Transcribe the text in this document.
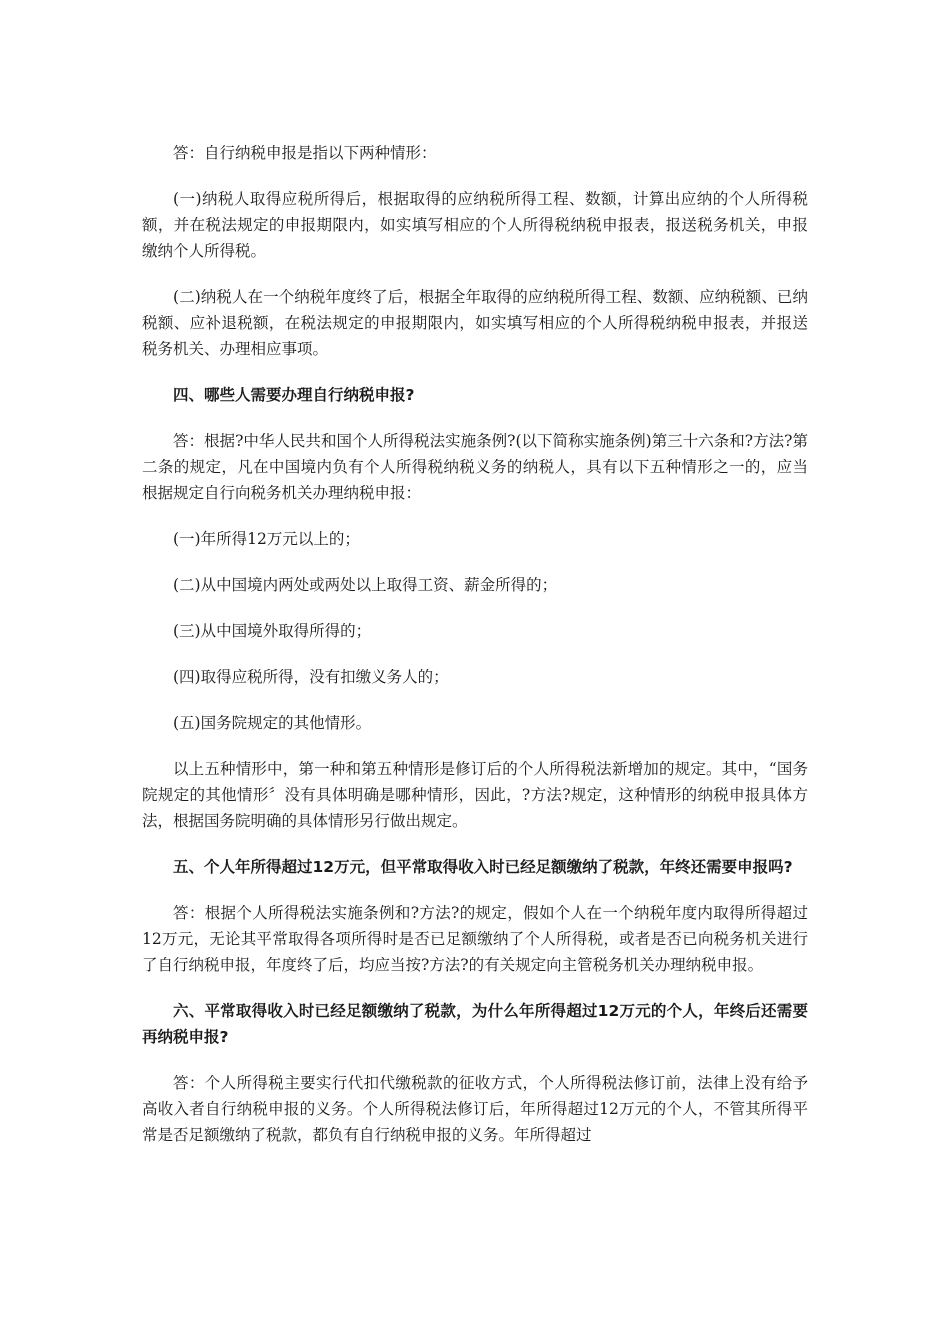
答：自行纳税申报是指以下两种情形：

(一)纳税人取得应税所得后，根据取得的应纳税所得工程、数额，计算出应纳的个人所得税额，并在税法规定的申报期限内，如实填写相应的个人所得税纳税申报表，报送税务机关，申报缴纳个人所得税。

(二)纳税人在一个纳税年度终了后，根据全年取得的应纳税所得工程、数额、应纳税额、已纳税额、应补退税额，在税法规定的申报期限内，如实填写相应的个人所得税纳税申报表，并报送税务机关、办理相应事项。

四、哪些人需要办理自行纳税申报?

答：根据?中华人民共和国个人所得税法实施条例?(以下简称实施条例)第三十六条和?方法?第二条的规定，凡在中国境内负有个人所得税纳税义务的纳税人，具有以下五种情形之一的，应当根据规定自行向税务机关办理纳税申报：

(一)年所得12万元以上的；

(二)从中国境内两处或两处以上取得工资、薪金所得的；

(三)从中国境外取得所得的；

(四)取得应税所得，没有扣缴义务人的；

(五)国务院规定的其他情形。

以上五种情形中，第一种和第五种情形是修订后的个人所得税法新增加的规定。其中，“国务院规定的其他情形〞没有具体明确是哪种情形，因此，?方法?规定，这种情形的纳税申报具体方法，根据国务院明确的具体情形另行做出规定。

五、个人年所得超过12万元，但平常取得收入时已经足额缴纳了税款，年终还需要申报吗?

答：根据个人所得税法实施条例和?方法?的规定，假如个人在一个纳税年度内取得所得超过12万元，无论其平常取得各项所得时是否已足额缴纳了个人所得税，或者是否已向税务机关进行了自行纳税申报，年度终了后，均应当按?方法?的有关规定向主管税务机关办理纳税申报。

六、平常取得收入时已经足额缴纳了税款，为什么年所得超过12万元的个人，年终后还需要再纳税申报?

答：个人所得税主要实行代扣代缴税款的征收方式，个人所得税法修订前，法律上没有给予高收入者自行纳税申报的义务。个人所得税法修订后，年所得超过12万元的个人，不管其所得平常是否足额缴纳了税款，都负有自行纳税申报的义务。年所得超过
